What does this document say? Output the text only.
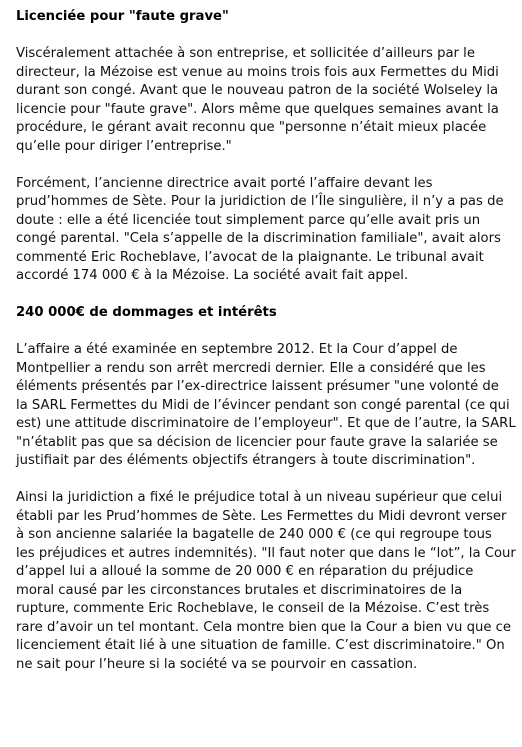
Licenciée pour "faute grave"
Viscéralement attachée à son entreprise, et sollicitée d’ailleurs par le
directeur, la Mézoise est venue au moins trois fois aux Fermettes du Midi
durant son congé. Avant que le nouveau patron de la société Wolseley la
licencie pour "faute grave". Alors même que quelques semaines avant la
procédure, le gérant avait reconnu que "personne n’était mieux placée
qu’elle pour diriger l’entreprise."
Forcément, l’ancienne directrice avait porté l’affaire devant les
prud’hommes de Sète. Pour la juridiction de l’Île singulière, il n’y a pas de
doute : elle a été licenciée tout simplement parce qu’elle avait pris un
congé parental. "Cela s’appelle de la discrimination familiale", avait alors
commenté Eric Rocheblave, l’avocat de la plaignante. Le tribunal avait
accordé 174 000 € à la Mézoise. La société avait fait appel.
240 000€ de dommages et intérêts
L’affaire a été examinée en septembre 2012. Et la Cour d’appel de
Montpellier a rendu son arrêt mercredi dernier. Elle a considéré que les
éléments présentés par l’ex-directrice laissent présumer "une volonté de
la SARL Fermettes du Midi de l’évincer pendant son congé parental (ce qui
est) une attitude discriminatoire de l’employeur". Et que de l’autre, la SARL
"n’établit pas que sa décision de licencier pour faute grave la salariée se
justifiait par des éléments objectifs étrangers à toute discrimination".
Ainsi la juridiction a fixé le préjudice total à un niveau supérieur que celui
établi par les Prud’hommes de Sète. Les Fermettes du Midi devront verser
à son ancienne salariée la bagatelle de 240 000 € (ce qui regroupe tous
les préjudices et autres indemnités). "Il faut noter que dans le “lot”, la Cour
d’appel lui a alloué la somme de 20 000 € en réparation du préjudice
moral causé par les circonstances brutales et discriminatoires de la
rupture, commente Eric Rocheblave, le conseil de la Mézoise. C’est très
rare d’avoir un tel montant. Cela montre bien que la Cour a bien vu que ce
licenciement était lié à une situation de famille. C’est discriminatoire." On
ne sait pour l’heure si la société va se pourvoir en cassation.
